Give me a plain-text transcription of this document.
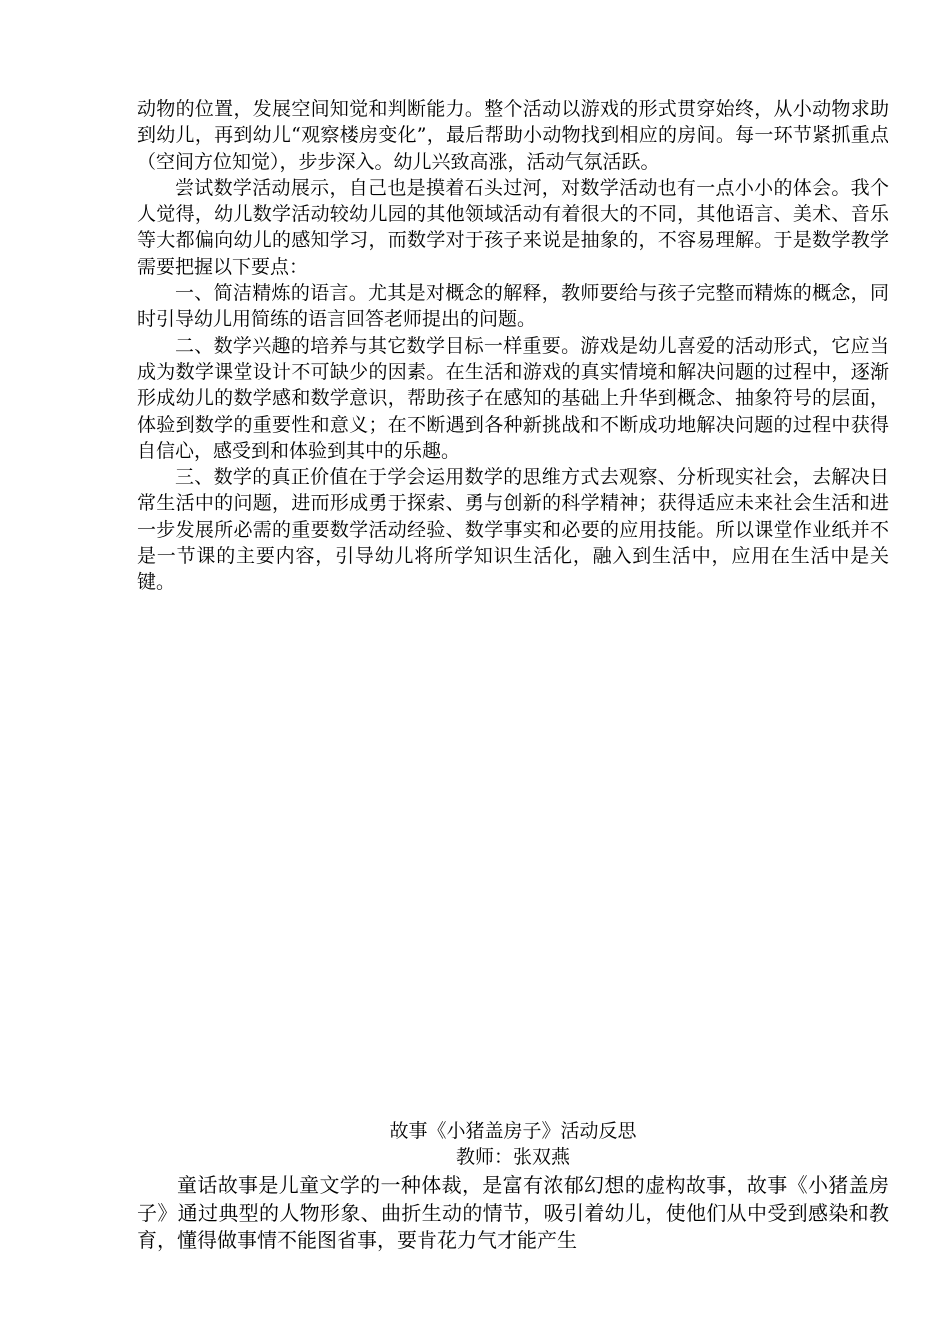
动物的位置，发展空间知觉和判断能力。整个活动以游戏的形式贯穿始终，从小动物求助到幼儿，再到幼儿“观察楼房变化”，最后帮助小动物找到相应的房间。每一环节紧抓重点（空间方位知觉），步步深入。幼儿兴致高涨，活动气氛活跃。

尝试数学活动展示，自己也是摸着石头过河，对数学活动也有一点小小的体会。我个人觉得，幼儿数学活动较幼儿园的其他领域活动有着很大的不同，其他语言、美术、音乐等大都偏向幼儿的感知学习，而数学对于孩子来说是抽象的，不容易理解。于是数学教学需要把握以下要点：

一、简洁精炼的语言。尤其是对概念的解释，教师要给与孩子完整而精炼的概念，同时引导幼儿用简练的语言回答老师提出的问题。

二、数学兴趣的培养与其它数学目标一样重要。游戏是幼儿喜爱的活动形式，它应当成为数学课堂设计不可缺少的因素。在生活和游戏的真实情境和解决问题的过程中，逐渐形成幼儿的数学感和数学意识，帮助孩子在感知的基础上升华到概念、抽象符号的层面，体验到数学的重要性和意义；在不断遇到各种新挑战和不断成功地解决问题的过程中获得自信心，感受到和体验到其中的乐趣。

三、数学的真正价值在于学会运用数学的思维方式去观察、分析现实社会，去解决日常生活中的问题，进而形成勇于探索、勇与创新的科学精神；获得适应未来社会生活和进一步发展所必需的重要数学活动经验、数学事实和必要的应用技能。所以课堂作业纸并不是一节课的主要内容，引导幼儿将所学知识生活化，融入到生活中，应用在生活中是关键。

故事《小猪盖房子》活动反思

教师：张双燕

童话故事是儿童文学的一种体裁，是富有浓郁幻想的虚构故事，故事《小猪盖房子》通过典型的人物形象、曲折生动的情节，吸引着幼儿，使他们从中受到感染和教育，懂得做事情不能图省事，要肯花力气才能产生
